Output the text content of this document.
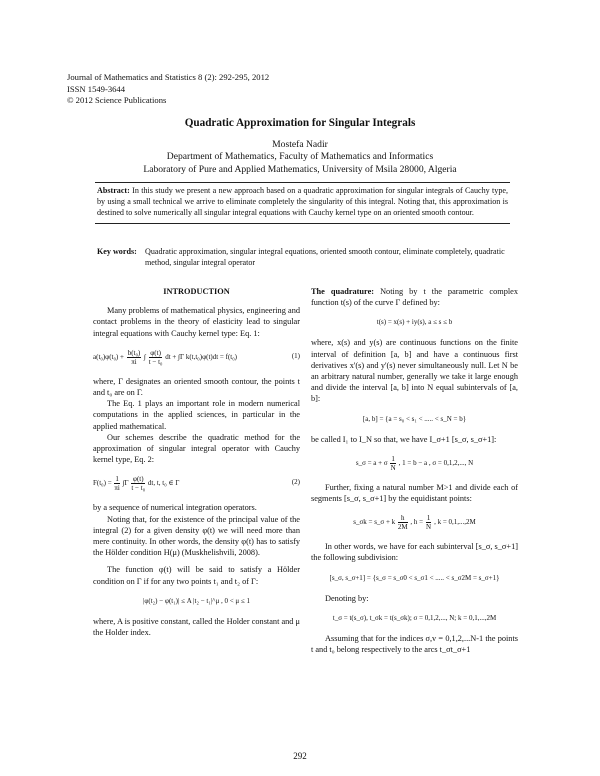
Journal of Mathematics and Statistics 8 (2): 292-295, 2012
ISSN 1549-3644
© 2012 Science Publications
Quadratic Approximation for Singular Integrals
Mostefa Nadir
Department of Mathematics, Faculty of Mathematics and Informatics
Laboratory of Pure and Applied Mathematics, University of Msila 28000, Algeria
Abstract: In this study we present a new approach based on a quadratic approximation for singular integrals of Cauchy type, by using a small technical we arrive to eliminate completely the singularity of this integral. Noting that, this approximation is destined to solve numerically all singular integral equations with Cauchy kernel type on an oriented smooth contour.
Key words:	Quadratic approximation, singular integral equations, oriented smooth contour, eliminate completely, quadratic method, singular integral operator

INTRODUCTION

Many problems of mathematical physics, engineering and contact problems in the theory of elasticity lead to singular integral equations with Cauchy kernel type: Eq. 1:

$a(t_0)\varphi(t_0) + \frac{\text{b(t₀)}}{\pi i}$ ∫ $\frac{\varphi(t)}{\text{t − t₀}}$ dt + ∫Γ k(t,t₀)φ(t)dt = f(t₀)	(1)

where, Γ designates an oriented smooth contour, the points t and t₀ are on Γ.

The Eq. 1 plays an important role in modern numerical computations in the applied sciences, in particular in the applied mathematical.

Our schemes describe the quadratic method for the approximation of singular integral operator with Cauchy kernel type, Eq. 2:

$F(t_0) = \frac{1}{\pi i} \int\Gamma \frac{\varphi(t)}{\text{t − t₀}}$ dt, t, t₀ ∈ Γ	(2)

by a sequence of numerical integration operators.

Noting that, for the existence of the principal value of the integral (2) for a given density φ(t) we will need more than mere continuity. In other words, the density φ(t) has to satisfy the Hölder condition H(μ) (Muskhelishvili, 2008).

The function φ(t) will be said to satisfy a Hölder condition on Γ if for any two points t₁ and t₂ of Γ:

|φ(t₂) − φ(t₁)| ≤ A |t₂ − t₁|^μ , 0 < μ ≤ 1

where, A is positive constant, called the Holder constant and μ the Holder index.

The quadrature: Noting by t the parametric complex function t(s) of the curve Γ defined by:

t(s) = x(s) + iy(s), a ≤ s ≤ b

where, x(s) and y(s) are continuous functions on the finite interval of definition [a, b] and have a continuous first derivatives x'(s) and y'(s) never simultaneously null. Let N be an arbitrary natural number, generally we take it large enough and divide the interval [a, b] into N equal subintervals of [a, b]:

[a, b] = {a = s₀ < s₁ < ..... < s_N = b}

be called I₁ to I_N so that, we have I_σ+1 [s_σ, s_σ+1]:

s_σ = a + σ $\frac{1}{N}$ , 1 = b − a , σ = 0,1,2,..., N

Further, fixing a natural number M>1 and divide each of segments [s_σ, s_σ+1] by the equidistant points:

s_σk = s_σ + k $\frac{h}{2M}$ , $h = \frac{1}{N}$ , k = 0,1,...,2M

In other words, we have for each subinterval [s_σ, s_σ+1] the following subdivision:

[s_σ, s_σ+1] = {s_σ = s_σ0 < s_σ1 < ..... < s_σ2M = s_σ+1}

Denoting by:

t_σ = t(s_σ), t_σk = t(s_σk); σ = 0,1,2,..., N; k = 0,1,...,2M

Assuming that for the indices σ,v = 0,1,2,...N-1 the points t and t₀ belong respectively to the arcs t_σt_σ+1

292
